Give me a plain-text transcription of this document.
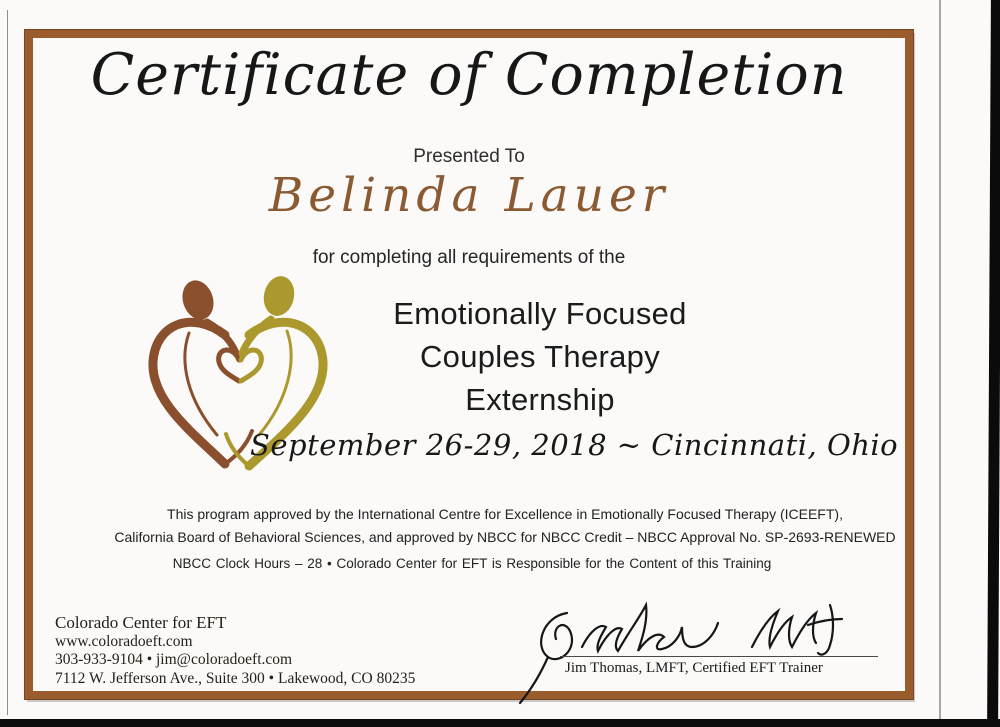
Certificate of Completion
Presented To
Belinda Lauer
for completing all requirements of the
Emotionally Focused
Couples Therapy
Externship
September 26-29, 2018 ~ Cincinnati, Ohio
This program approved by the International Centre for Excellence in Emotionally Focused Therapy (ICEEFT),
California Board of Behavioral Sciences, and approved by NBCC for NBCC Credit – NBCC Approval No. SP-2693-RENEWED
NBCC Clock Hours – 28 • Colorado Center for EFT is Responsible for the Content of this Training
Colorado Center for EFT
www.coloradoeft.com
303-933-9104 • jim@coloradoeft.com
7112 W. Jefferson Ave., Suite 300 • Lakewood, CO 80235
Jim Thomas, LMFT, Certified EFT Trainer
